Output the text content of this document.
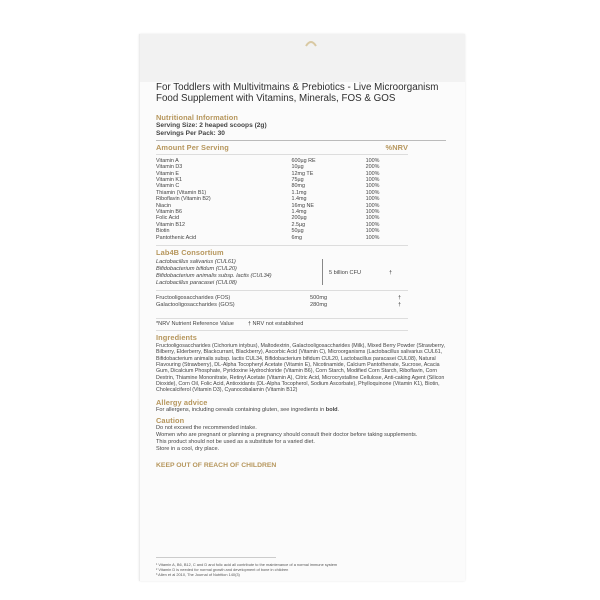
For Toddlers with Multivitmains & Prebiotics - Live Microorganism Food Supplement with Vitamins, Minerals, FOS & GOS
Nutritional Information
Serving Size: 2 heaped scoops (2g)
Servings Per Pack: 30
Amount Per Serving	%NRV
Vitamin A	600µg RE	100%
Vitamin D3	10µg	200%
Vitamin E	12mg TE	100%
Vitamin K1	75µg	100%
Vitamin C	80mg	100%
Thiamin (Vitamin B1)	1.1mg	100%
Riboflavin (Vitamin B2)	1.4mg	100%
Niacin	16mg NE	100%
Vitamin B6	1.4mg	100%
Folic Acid	200µg	100%
Vitamin B12	2.5µg	100%
Biotin	50µg	100%
Pantothenic Acid	6mg	100%
Lab4B Consortium
Lactobacillus salivarius (CUL61)
Bifidobacterium bifidum (CUL20)
Bifidobacterium animalis subsp. lactis (CUL34)
Lactobacillus paracasei (CUL08)
5 billion CFU	†
Fructooligosaccharides (FOS)	500mg	†
Galactooligosaccharides (GOS)	280mg	†
*NRV Nutrient Reference Value	† NRV not established
Ingredients
Fructooligosaccharides (Cichorium intybus), Maltodextrin, Galactooligosaccharides (Milk), Mixed Berry Powder (Strawberry, Bilberry, Elderberry, Blackcurrant, Blackberry), Ascorbic Acid (Vitamin C), Microorganisms (Lactobacillus salivarius CUL61, Bifidobacterium animalis subsp. lactis CUL34, Bifidobacterium bifidum CUL20, Lactobacillus paracasei CUL08), Natural Flavouring (Strawberry), DL-Alpha Tocopheryl Acetate (Vitamin E), Nicotinamide, Calcium Pantothenate, Sucrose, Acacia Gum, Dicalcium Phosphate, Pyridoxine Hydrochloride (Vitamin B6), Corn Starch, Modified Corn Starch, Riboflavin, Corn Dextrin, Thiamine Mononitrate, Retinyl Acetate (Vitamin A), Citric Acid, Microcrystalline Cellulose, Anti-caking Agent (Silicon Dioxide), Corn Oil, Folic Acid, Antioxidants (DL-Alpha Tocopherol, Sodium Ascorbate), Phylloquinone (Vitamin K1), Biotin, Cholecalciferol (Vitamin D3), Cyanocobalamin (Vitamin B12)
Allergy advice
For allergens, including cereals containing gluten, see ingredients in bold.
Caution
Do not exceed the recommended intake.
Women who are pregnant or planning a pregnancy should consult their doctor before taking supplements.
This product should not be used as a substitute for a varied diet.
Store in a cool, dry place.
KEEP OUT OF REACH OF CHILDREN
¹ Vitamin A, B6, B12, C and D and folic acid all contribute to the maintenance of a normal immune system
² Vitamin D is needed for normal growth and development of bone in children
³ Allen et al 2010, The Journal of Nutrition 140(3)
